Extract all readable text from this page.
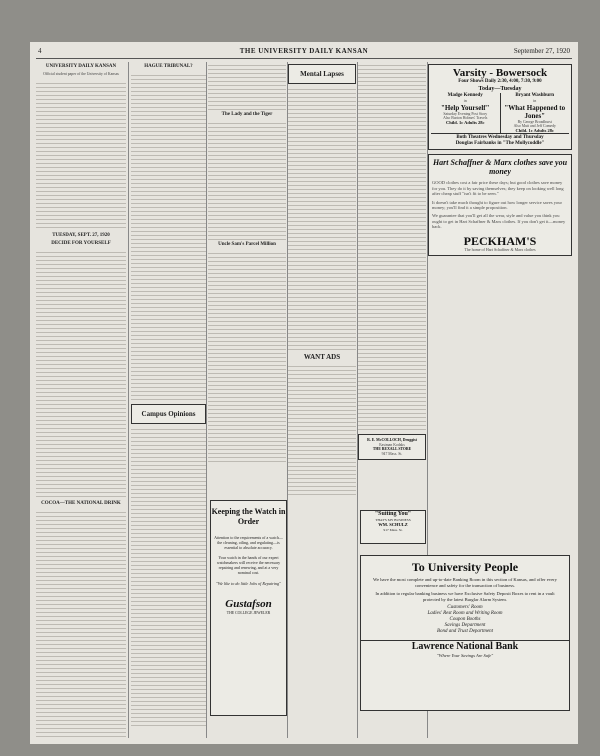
4	THE UNIVERSITY DAILY KANSAN	September 27, 1920
UNIVERSITY DAILY KANSAN
Official student paper of the University of Kansas
TUESDAY, SEPT. 27, 1920
DECIDE FOR YOURSELF
COCOA—THE NATIONAL DRINK
HAGUE TRIBUNAL?
Campus Opinions
The Lady and the Tiger
Uncle Sam's Parcel Million
Mental Lapses
WANT ADS
R. E. McCOLLOCH, Druggist
Eastman Kodaks
THE REXALL STORE
947 Mass. St.
"Suiting You"
THAT'S MY BUSINESS
WM. SCHULZ
917 Mass. St.
Varsity - Bowersock
Four Shows Daily 2:30, 4:00, 7:30, 9:00
Today—Tuesday
Madge Kennedy
in
"Help Yourself"
Saturday Evening Post Story
Also Burton Holmes' Travels
Child. 1c Adults 28c
Bryant Washburn
in
"What Happened to Jones"
By George Broadhurst
Also Mutt and Jeff Comedy
Child. 1c Adults 28c
Both Theatres Wednesday and Thursday
Douglas Fairbanks in "The Mollycoddle"
Hart Schaffner & Marx clothes save you money
GOOD clothes cost a fair price these days; but good clothes save money for you. They do it by saving themselves; they keep on looking well long after cheap stuff "isn't fit to be seen."
It doesn't take much thought to figure out how longer service saves your money; you'll find it a simple proposition.
We guarantee that you'll get all the wear, style and value you think you ought to get in Hart Schaffner & Marx clothes. If you don't get it—money back.
PECKHAM'S
The home of Hart Schaffner & Marx clothes
Keeping the Watch in Order
Attention to the requirements of a watch—the cleaning, oiling, and regulating—is essential to absolute accuracy.
Your watch in the hands of our expert watchmakers will receive the necessary repairing and renewing, and at a very nominal cost.
"We like to do little Jobs of Repairing"
Gustafson
THE COLLEGE JEWELER
To University People
We have the most complete and up-to-date Banking Room in this section of Kansas, and offer every convenience and safety for the transaction of business.
In addition to regular banking business we have Exclusive Safety Deposit Boxes to rent in a vault protected by the latest Burglar Alarm System.
Customers' Room
Ladies' Rest Room and Writing Room
Coupon Booths
Savings Department
Bond and Trust Department
Lawrence National Bank
"Where Your Savings Are Safe"
